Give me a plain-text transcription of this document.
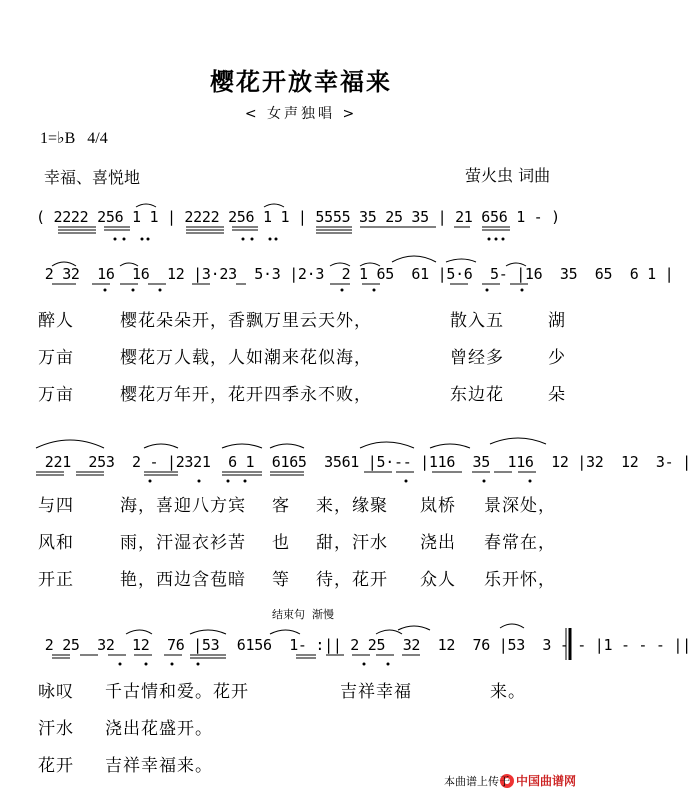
樱花开放幸福来
< 女声独唱 >
1=♭B   4/4
幸福、喜悦地	萤火虫 词曲
( 2222 256 1 1 | 2222 256 1 1 | 5555 35 25 35 | 21 656 1 - )
2 32  16  16  12 |3·23  5·3 |2·3  2 1 65  61 |5·6  5- |16  35  65  6 1 |
221  253  2 - |2321  6 1  6165  3561 |5·-- |116  35  116  12 |32  12  3- |
2 25  32  12  76 |53  6156  1- :|| 2 25  32  12  76 |53  3 - - |1 - - - ||
醉人	樱花朵朵开，香飘万里云天外，	散入五	湖
万亩	樱花万人载，人如潮来花似海，	曾经多	少
万亩	樱花万年开，花开四季永不败，	东边花	朵
与四	海，喜迎八方宾 客 来，缘聚 岚桥 景深处，
风和	雨，汗湿衣衫苦 也 甜，汗水 浇出 春常在，
开正	艳，西边含苞暗 等 待，花开 众人 乐开怀，
结束句  渐慢
咏叹 千古情和爱。花开	吉祥幸福	来。
汗水 浇出花盛开。
花开 吉祥幸福来。
本曲谱上传于 中国曲谱网
